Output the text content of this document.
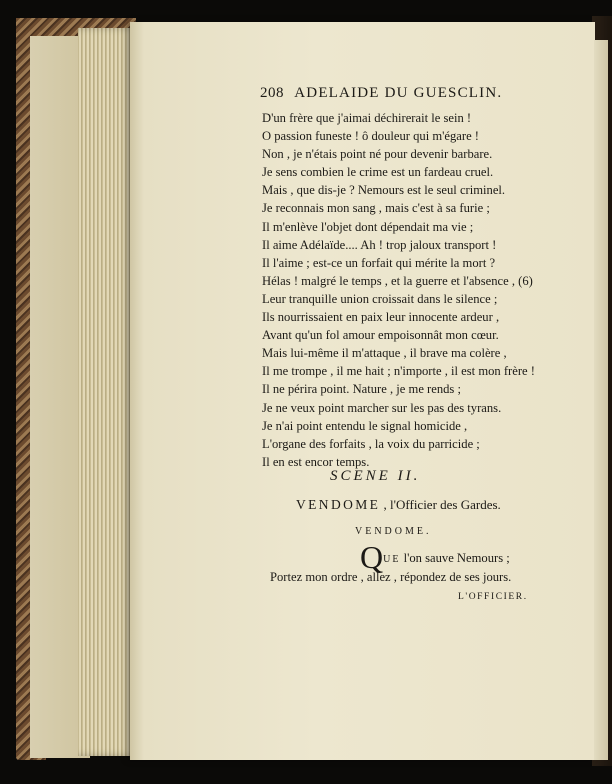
208 ADELAIDE DU GUESCLIN.
D'un frère que j'aimai déchirerait le sein !
O passion funeste ! ô douleur qui m'égare !
Non , je n'étais point né pour devenir barbare.
Je sens combien le crime est un fardeau cruel.
Mais , que dis-je ? Nemours est le seul criminel.
Je reconnais mon sang , mais c'est à sa furie ;
Il m'enlève l'objet dont dépendait ma vie ;
Il aime Adélaïde.... Ah ! trop jaloux transport !
Il l'aime ; est-ce un forfait qui mérite la mort ?
Hélas ! malgré le temps , et la guerre et l'absence , (6)
Leur tranquille union croissait dans le silence ;
Ils nourrissaient en paix leur innocente ardeur ,
Avant qu'un fol amour empoisonnât mon cœur.
Mais lui-même il m'attaque , il brave ma colère ,
Il me trompe , il me hait ; n'importe , il est mon frère !
Il ne périra point. Nature , je me rends ;
Je ne veux point marcher sur les pas des tyrans.
Je n'ai point entendu le signal homicide ,
L'organe des forfaits , la voix du parricide ;
Il en est encor temps.
SCENE II.
VENDOME , l'Officier des Gardes.
VENDOME.
QUE l'on sauve Nemours ;
Portez mon ordre , allez , répondez de ses jours.
L'OFFICIER.
